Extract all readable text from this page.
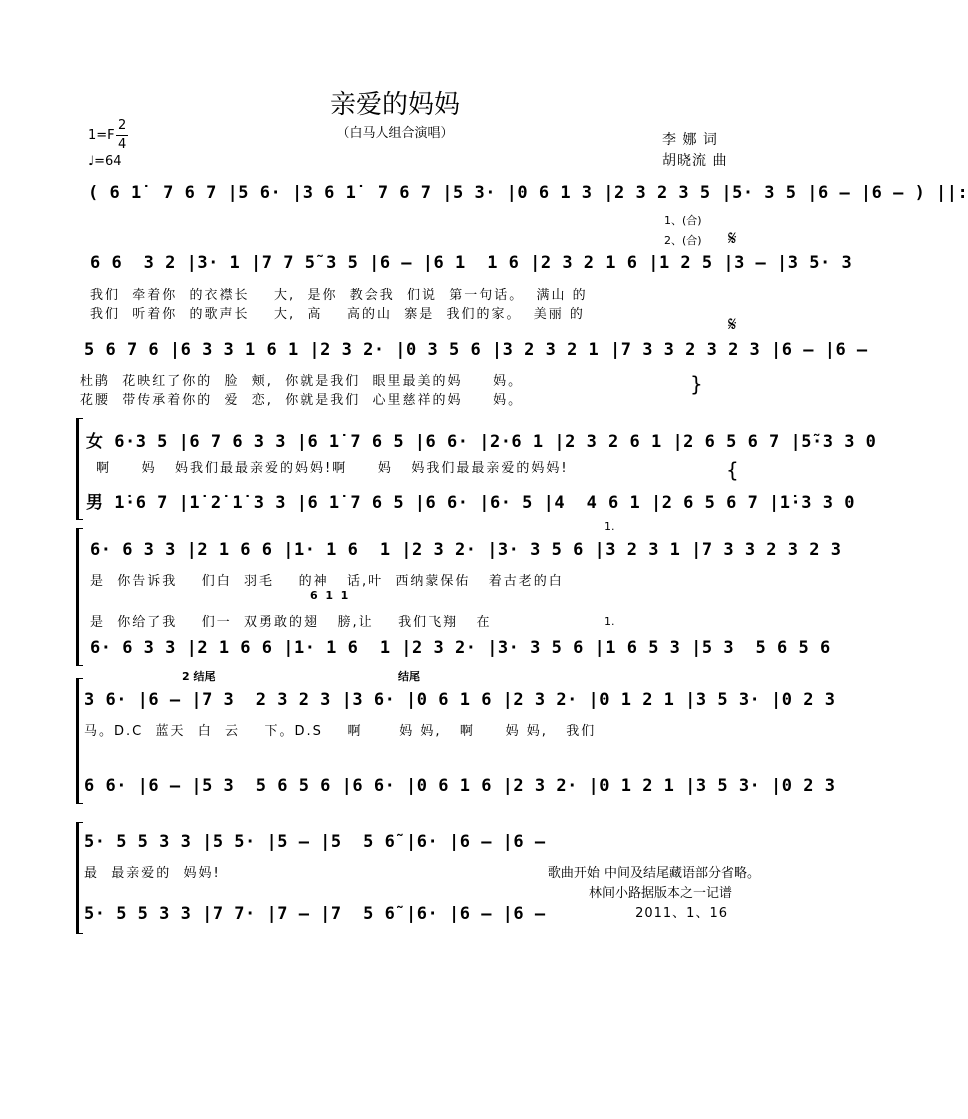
亲爱的妈妈
（白马人组合演唱）
1=F
2
4
♩=64
李 娜 词
胡晓流 曲
( 6 1̇  7 6 7 |5 6· |3 6 1̇  7 6 7 |5 3· |0 6 1 3 |2 3 2 3 5 |5· 3 5 |6 – |6 – ) ||:
1、(合)
2、(合) 𝄋
6 6  3 2 |3· 1 |7 7 5̃ 3 5 |6 – |6 1  1 6 |2 3 2 1 6 |1 2 5 |3 – |3 5· 3
我们  牵着你  的衣襟长    大,  是你  教会我  们说  第一句话。  满山 的
我们  听着你  的歌声长    大,  高    高的山  寨是  我们的家。  美丽 的	𝄋
5 6 7 6 |6 3 3 1 6 1 |2 3 2· |0 3 5 6 |3 2 3 2 1 |7 3 3 2 3 2 3 |6 – |6 –
杜鹃  花映红了你的  脸  颊,  你就是我们  眼里最美的妈     妈。
花腰  带传承着你的  爱  恋,  你就是我们  心里慈祥的妈     妈。
}
女 6·3 5 |6 7 6 3 3 |6 1̇ 7 6 5 |6 6· |2·6 1 |2 3 2 6 1 |2 6 5 6 7 |5̃·3 3 0
啊     妈   妈我们最最亲爱的妈妈!啊     妈   妈我们最最亲爱的妈妈!	{
男 1̇·6 7 |1̇ 2̇ 1̇ 3 3 |6 1̇ 7 6 5 |6 6· |6· 5 |4  4 6 1 |2 6 5 6 7 |1̇·3 3 0
1.
6· 6 3 3 |2 1 6 6 |1· 1 6  1 |2 3 2· |3· 3 5 6 |3 2 3 1 |7 3 3 2 3 2 3
是  你告诉我    们白  羽毛    的神   话,叶  西纳蒙保佑   着古老的白
6  1  1
是  你给了我    们一  双勇敢的翅   膀,让    我们飞翔   在	1.
6· 6 3 3 |2 1 6 6 |1· 1 6  1 |2 3 2· |3· 3 5 6 |1 6 5 3 |5 3  5 6 5 6
2 结尾	结尾
3 6· |6 – |7 3  2 3 2 3 |3 6· |0 6 1 6 |2 3 2· |0 1 2 1 |3 5 3· |0 2 3
马。D.C  蓝天  白  云    下。D.S    啊      妈 妈,   啊     妈 妈,   我们
6 6· |6 – |5 3  5 6 5 6 |6 6· |0 6 1 6 |2 3 2· |0 1 2 1 |3 5 3· |0 2 3
5· 5 5 3 3 |5 5· |5 – |5  5 6̃ |6· |6 – |6 –
最  最亲爱的  妈妈!
5· 5 5 3 3 |7 7· |7 – |7  5 6̃ |6· |6 – |6 –
歌曲开始 中间及结尾藏语部分省略。
林间小路据版本之一记谱
2011、1、16
